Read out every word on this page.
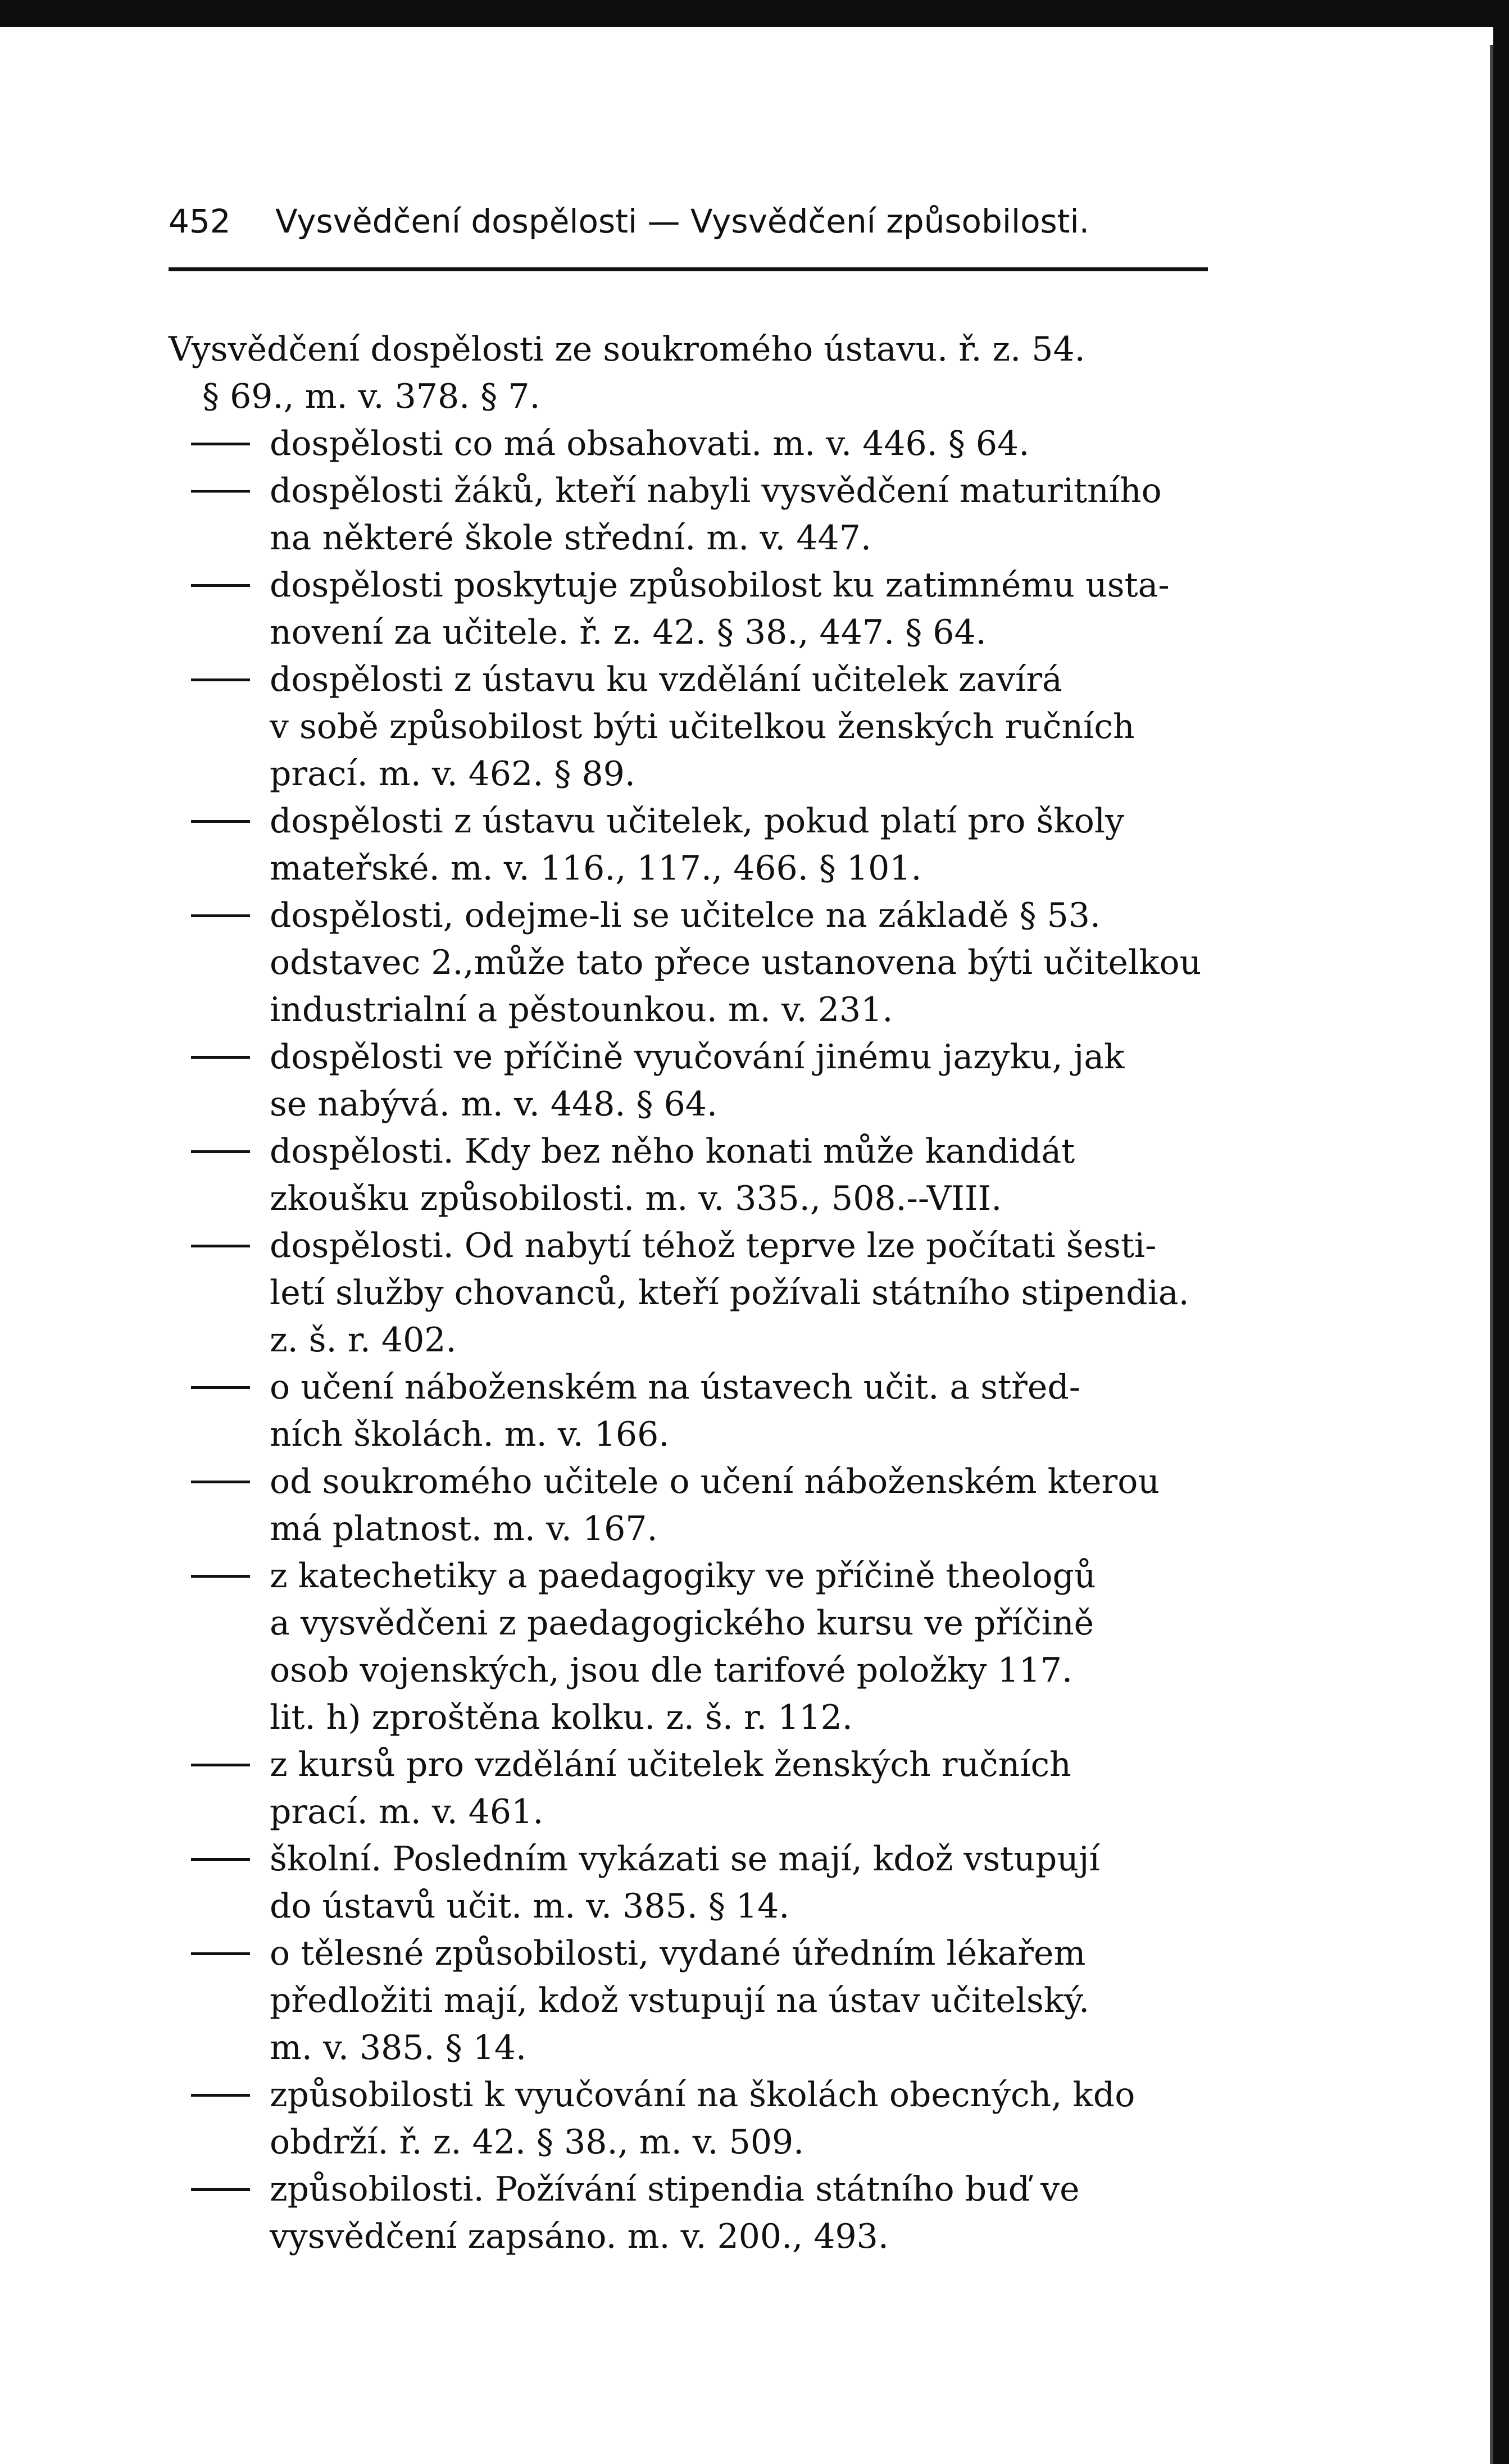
452 Vysvědčení dospělosti — Vysvědčení způsobilosti.
Vysvědčení dospělosti ze soukromého ústavu. ř. z. 54.
§ 69., m. v. 378. § 7.
dospělosti co má obsahovati. m. v. 446. § 64.
dospělosti žáků, kteří nabyli vysvědčení maturitního
na některé škole střední. m. v. 447.
dospělosti poskytuje způsobilost ku zatimnému usta-
novení za učitele. ř. z. 42. § 38., 447. § 64.
dospělosti z ústavu ku vzdělání učitelek zavírá
v sobě způsobilost býti učitelkou ženských ručních
prací. m. v. 462. § 89.
dospělosti z ústavu učitelek, pokud platí pro školy
mateřské. m. v. 116., 117., 466. § 101.
dospělosti, odejme-li se učitelce na základě § 53.
odstavec 2.,může tato přece ustanovena býti učitelkou
industrialní a pěstounkou. m. v. 231.
dospělosti ve příčině vyučování jinému jazyku, jak
se nabývá. m. v. 448. § 64.
dospělosti. Kdy bez něho konati může kandidát
zkoušku způsobilosti. m. v. 335., 508.--VIII.
dospělosti. Od nabytí téhož teprve lze počítati šesti-
letí služby chovanců, kteří požívali státního stipendia.
z. š. r. 402.
o učení náboženském na ústavech učit. a střed-
ních školách. m. v. 166.
od soukromého učitele o učení náboženském kterou
má platnost. m. v. 167.
z katechetiky a paedagogiky ve příčině theologů
a vysvědčeni z paedagogického kursu ve příčině
osob vojenských, jsou dle tarifové položky 117.
lit. h) zproštěna kolku. z. š. r. 112.
z kursů pro vzdělání učitelek ženských ručních
prací. m. v. 461.
školní. Posledním vykázati se mají, kdož vstupují
do ústavů učit. m. v. 385. § 14.
o tělesné způsobilosti, vydané úředním lékařem
předložiti mají, kdož vstupují na ústav učitelský.
m. v. 385. § 14.
způsobilosti k vyučování na školách obecných, kdo
obdrží. ř. z. 42. § 38., m. v. 509.
způsobilosti. Požívání stipendia státního buď ve
vysvědčení zapsáno. m. v. 200., 493.
